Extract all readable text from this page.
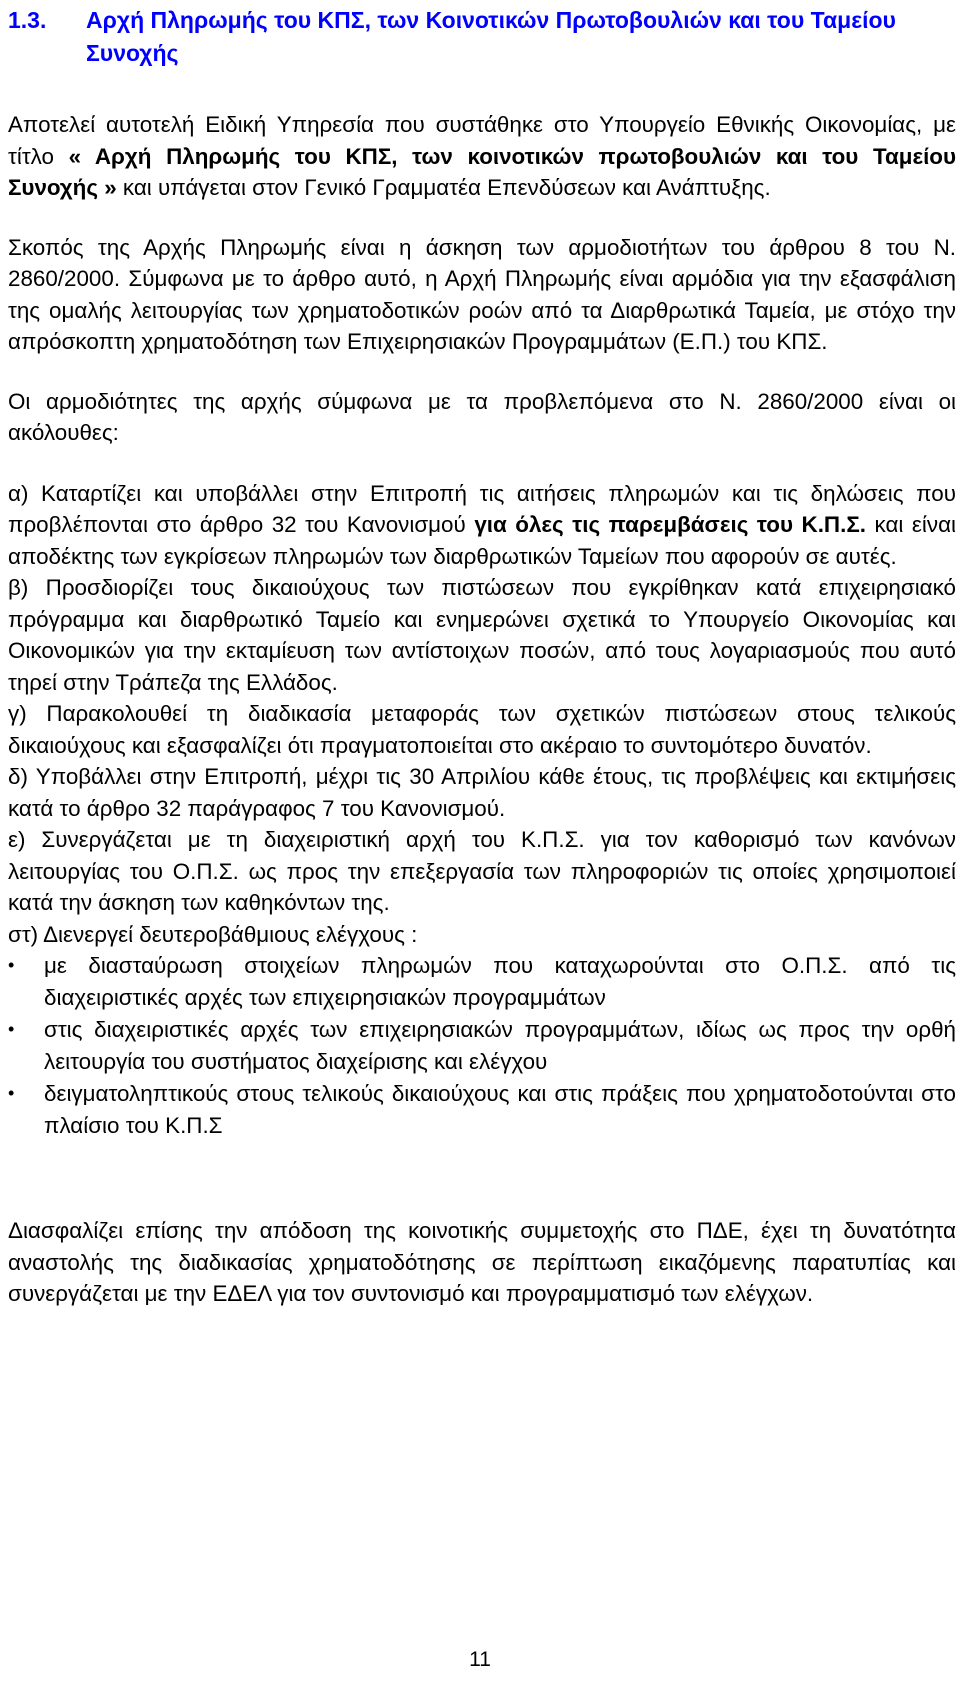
1.3.	Αρχή Πληρωμής του ΚΠΣ, των Κοινοτικών Πρωτοβουλιών και του Ταμείου Συνοχής

Αποτελεί αυτοτελή Ειδική Υπηρεσία που συστάθηκε στο Υπουργείο Εθνικής Οικονομίας, με τίτλο « Αρχή Πληρωμής του ΚΠΣ, των κοινοτικών πρωτοβουλιών και του Ταμείου Συνοχής » και υπάγεται στον Γενικό Γραμματέα Επενδύσεων και Ανάπτυξης.

Σκοπός της Αρχής Πληρωμής είναι η άσκηση των αρμοδιοτήτων του άρθρου 8 του Ν. 2860/2000. Σύμφωνα με το άρθρο αυτό, η Αρχή Πληρωμής είναι αρμόδια για την εξασφάλιση της ομαλής λειτουργίας των χρηματοδοτικών ροών από τα Διαρθρωτικά Ταμεία, με στόχο την απρόσκοπτη χρηματοδότηση των Επιχειρησιακών Προγραμμάτων (Ε.Π.) του ΚΠΣ.

Οι αρμοδιότητες της αρχής σύμφωνα με τα προβλεπόμενα στο Ν. 2860/2000 είναι οι ακόλουθες:

α) Καταρτίζει και υποβάλλει στην Επιτροπή τις αιτήσεις πληρωμών και τις δηλώσεις που προβλέπονται στο άρθρο 32 του Κανονισμού για όλες τις παρεμβάσεις του Κ.Π.Σ. και είναι αποδέκτης των εγκρίσεων πληρωμών των διαρθρωτικών Ταμείων που αφορούν σε αυτές.

β) Προσδιορίζει τους δικαιούχους των πιστώσεων που εγκρίθηκαν κατά επιχειρησιακό πρόγραμμα και διαρθρωτικό Ταμείο και ενημερώνει σχετικά το Υπουργείο Οικονομίας και Οικονομικών για την εκταμίευση των αντίστοιχων ποσών, από τους λογαριασμούς που αυτό τηρεί στην Τράπεζα της Ελλάδος.

γ) Παρακολουθεί τη διαδικασία μεταφοράς των σχετικών πιστώσεων στους τελικούς δικαιούχους και εξασφαλίζει ότι πραγματοποιείται στο ακέραιο το συντομότερο δυνατόν.

δ) Υποβάλλει στην Επιτροπή, μέχρι τις 30 Απριλίου κάθε έτους, τις προβλέψεις και εκτιμήσεις κατά το άρθρο 32 παράγραφος 7 του Κανονισμού.

ε) Συνεργάζεται με τη διαχειριστική αρχή του Κ.Π.Σ. για τον καθορισμό των κανόνων λειτουργίας του Ο.Π.Σ. ως προς την επεξεργασία των πληροφοριών τις οποίες χρησιμοποιεί κατά την άσκηση των καθηκόντων της.

στ) Διενεργεί δευτεροβάθμιους ελέγχους :

• με διασταύρωση στοιχείων πληρωμών που καταχωρούνται στο Ο.Π.Σ. από τις διαχειριστικές αρχές των επιχειρησιακών προγραμμάτων
• στις διαχειριστικές αρχές των επιχειρησιακών προγραμμάτων, ιδίως ως προς την ορθή λειτουργία του συστήματος διαχείρισης και ελέγχου
• δειγματοληπτικούς στους τελικούς δικαιούχους και στις πράξεις που χρηματοδοτούνται στο πλαίσιο του Κ.Π.Σ

Διασφαλίζει επίσης την απόδοση της κοινοτικής συμμετοχής στο ΠΔΕ, έχει τη δυνατότητα αναστολής της διαδικασίας χρηματοδότησης σε περίπτωση εικαζόμενης παρατυπίας και συνεργάζεται με την ΕΔΕΛ για τον συντονισμό και προγραμματισμό των ελέγχων.

11
